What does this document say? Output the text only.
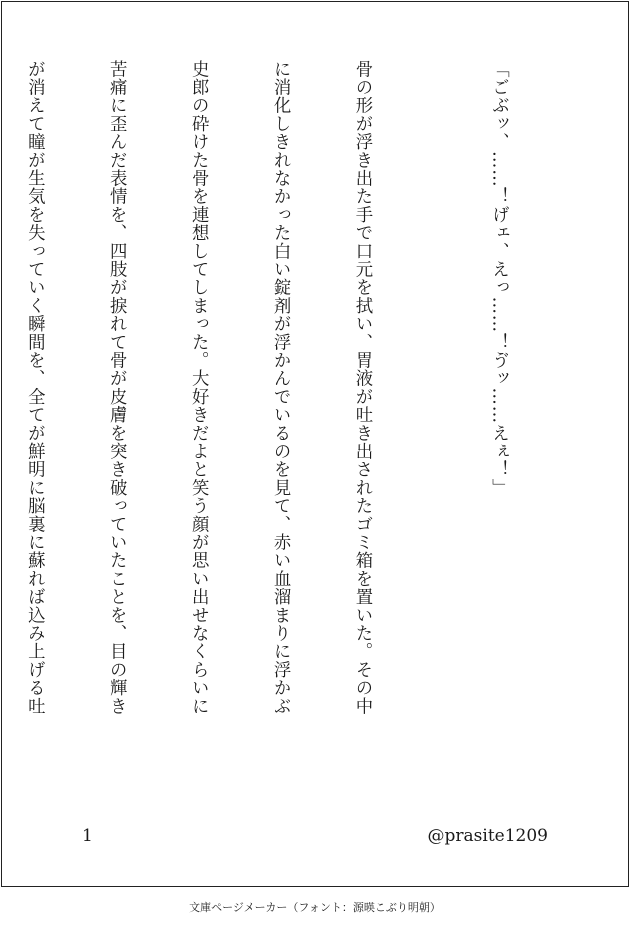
「ごぶッ、……！げェ、えっ……！ゔッ……えぇ！」

骨の形が浮き出た手で口元を拭い、胃液が吐き出されたゴミ箱を置いた。その中

に消化しきれなかった白い錠剤が浮かんでいるのを見て、赤い血溜まりに浮かぶ

史郎の砕けた骨を連想してしまった。大好きだよと笑う顔が思い出せなくらいに

苦痛に歪んだ表情を、四肢が捩れて骨が皮膚を突き破っていたことを、目の輝き

が消えて瞳が生気を失っていく瞬間を、全てが鮮明に脳裏に蘇れば込み上げる吐

1	@prasite1209
文庫ページメーカー（フォント：源暎こぶり明朝）
